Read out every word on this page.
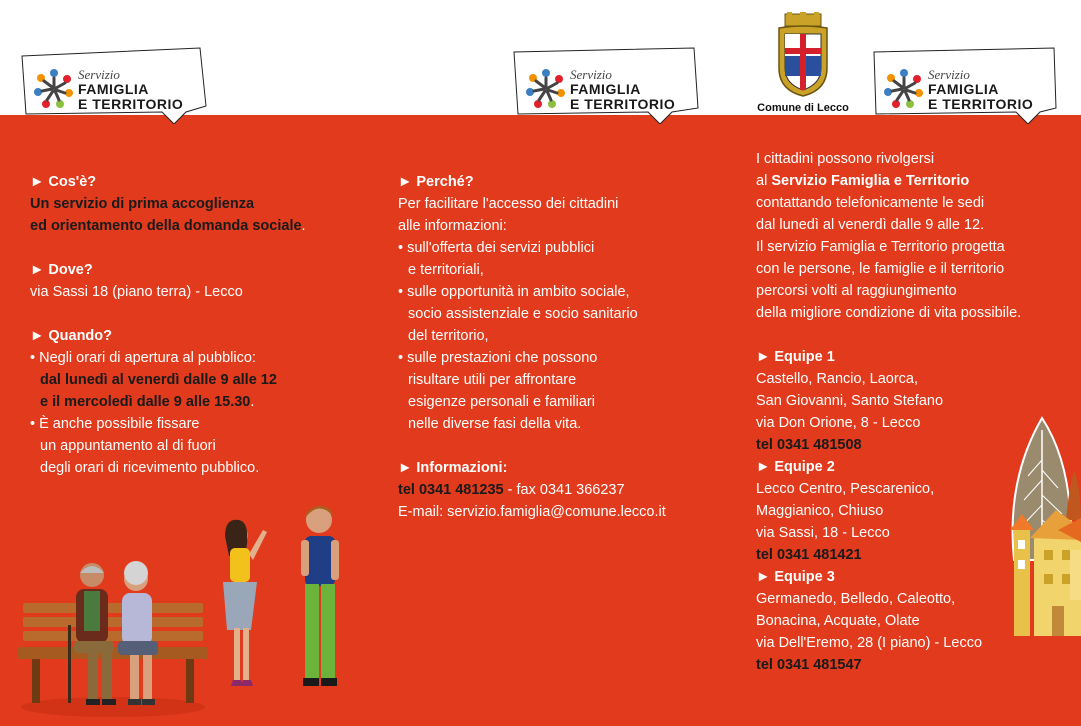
Servizio
FAMIGLIA
E TERRITORIO
Servizio
FAMIGLIA
E TERRITORIO	Comune di Lecco
Servizio
FAMIGLIA
E TERRITORIO
► Cos'è?
Un servizio di prima accoglienza
ed orientamento della domanda sociale.
► Dove?
via Sassi 18 (piano terra) - Lecco
► Quando?
• Negli orari di apertura al pubblico:
dal lunedì al venerdì dalle 9 alle 12
e il mercoledì dalle 9 alle 15.30.
• È anche possibile fissare
un appuntamento al di fuori
degli orari di ricevimento pubblico.
► Perché?
Per facilitare l'accesso dei cittadini
alle informazioni:
• sull'offerta dei servizi pubblici
e territoriali,
• sulle opportunità in ambito sociale,
socio assistenziale e socio sanitario
del territorio,
• sulle prestazioni che possono
risultare utili per affrontare
esigenze personali e familiari
nelle diverse fasi della vita.
► Informazioni:
tel 0341 481235 - fax 0341 366237
E-mail: servizio.famiglia@comune.lecco.it
I cittadini possono rivolgersi
al Servizio Famiglia e Territorio
contattando telefonicamente le sedi
dal lunedì al venerdì dalle 9 alle 12.
Il servizio Famiglia e Territorio progetta
con le persone, le famiglie e il territorio
percorsi volti al raggiungimento
della migliore condizione di vita possibile.
► Equipe 1
Castello, Rancio, Laorca,
San Giovanni, Santo Stefano
via Don Orione, 8 - Lecco
tel 0341 481508
► Equipe 2
Lecco Centro, Pescarenico,
Maggianico, Chiuso
via Sassi, 18 - Lecco
tel 0341 481421
► Equipe 3
Germanedo, Belledo, Caleotto,
Bonacina, Acquate, Olate
via Dell'Eremo, 28 (I piano) - Lecco
tel 0341 481547
